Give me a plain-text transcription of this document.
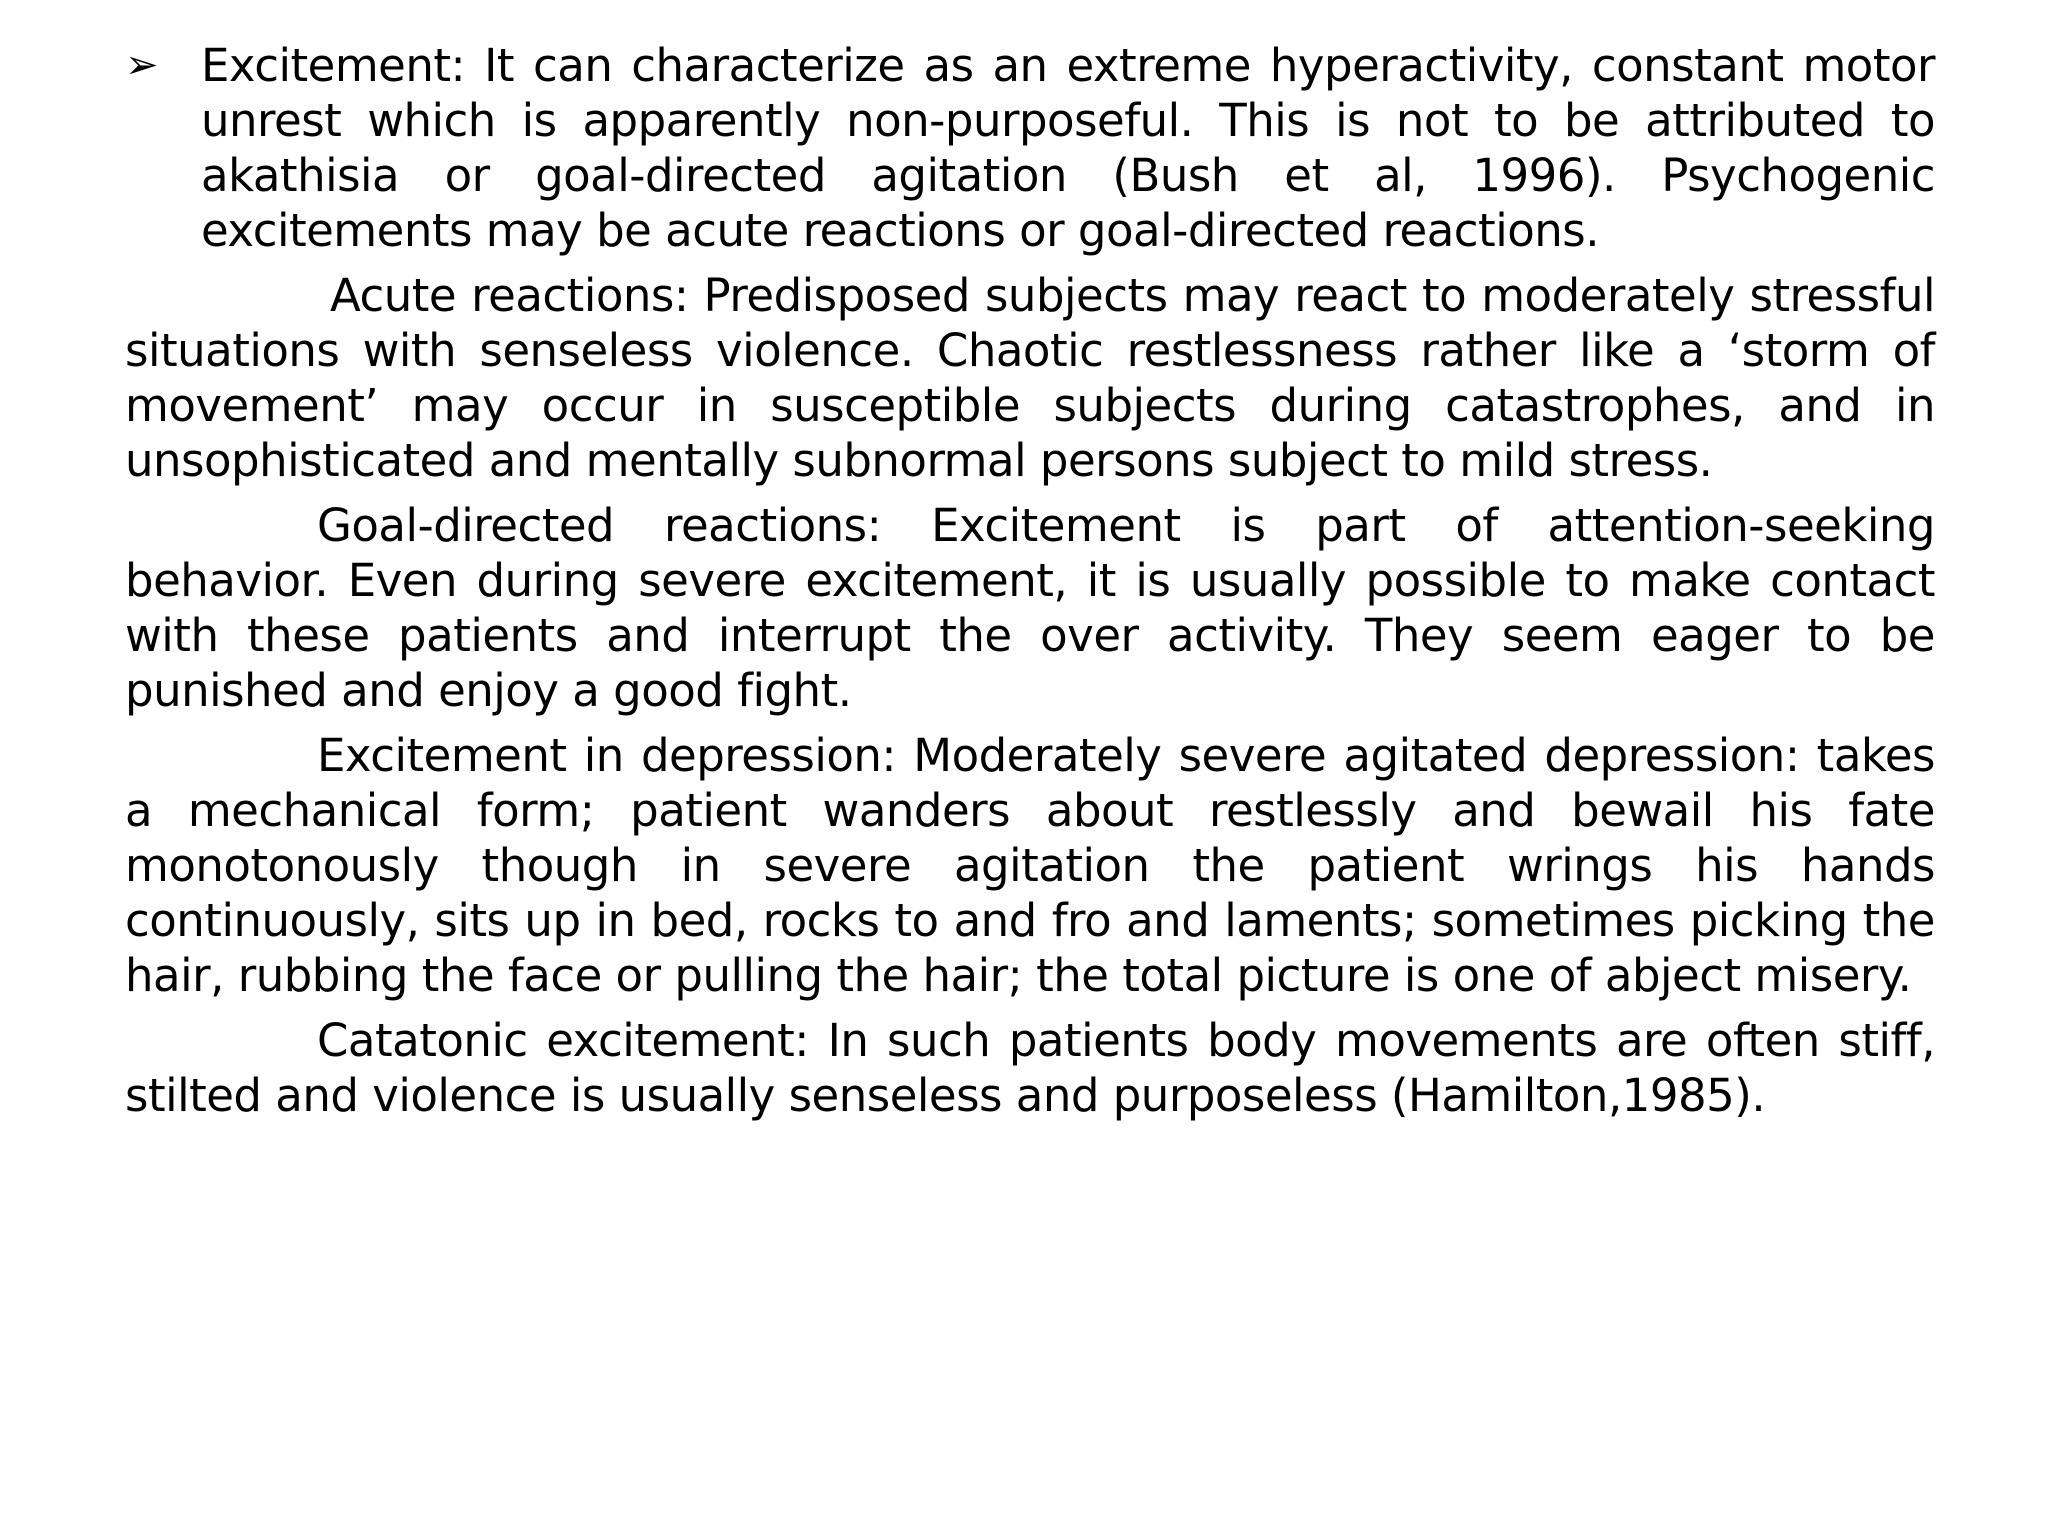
➢ Excitement: It can characterize as an extreme hyperactivity, constant motor unrest which is apparently non-purposeful. This is not to be attributed to akathisia or goal-directed agitation (Bush et al, 1996). Psychogenic excitements may be acute reactions or goal-directed reactions.

Acute reactions: Predisposed subjects may react to moderately stressful situations with senseless violence. Chaotic restlessness rather like a ‘storm of movement’ may occur in susceptible subjects during catastrophes, and in unsophisticated and mentally subnormal persons subject to mild stress.

Goal-directed reactions: Excitement is part of attention-seeking behavior. Even during severe excitement, it is usually possible to make contact with these patients and interrupt the over activity. They seem eager to be punished and enjoy a good fight.

Excitement in depression: Moderately severe agitated depression: takes a mechanical form; patient wanders about restlessly and bewail his fate monotonously though in severe agitation the patient wrings his hands continuously, sits up in bed, rocks to and fro and laments; sometimes picking the hair, rubbing the face or pulling the hair; the total picture is one of abject misery.

Catatonic excitement: In such patients body movements are often stiff, stilted and violence is usually senseless and purposeless (Hamilton,1985).
